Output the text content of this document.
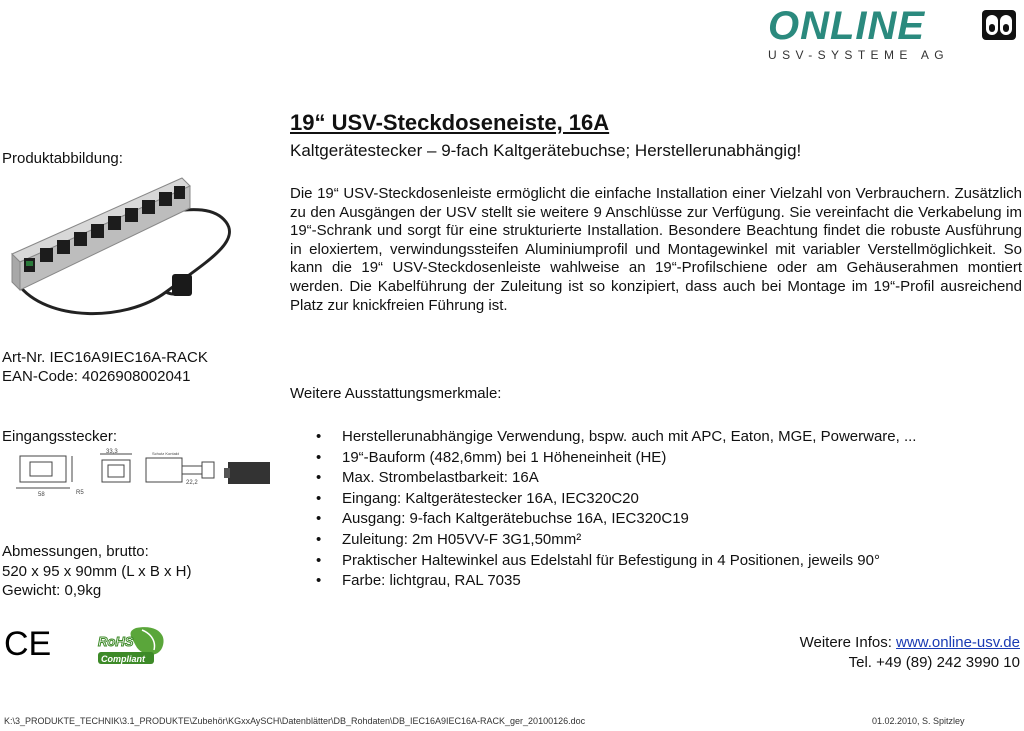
ONLINE
USV-SYSTEME AG
19“ USV-Steckdoseneiste, 16A
Kaltgerätestecker – 9-fach Kaltgerätebuchse; Herstellerunabhängig!
Die 19“ USV-Steckdosenleiste ermöglicht die einfache Installation einer Vielzahl von Verbrauchern. Zusätzlich zu den Ausgängen der USV stellt sie weitere 9 Anschlüsse zur Verfügung. Sie vereinfacht die Verkabelung im 19“-Schrank und sorgt für eine strukturierte Installation. Besondere Beachtung findet die robuste Ausführung in eloxiertem, verwindungssteifen Aluminiumprofil und Montagewinkel mit variabler Verstellmöglichkeit. So kann die 19“ USV-Steckdosenleiste wahlweise an 19“-Profilschiene oder am Gehäuserahmen montiert werden. Die Kabelführung der Zuleitung ist so konzipiert, dass auch bei Montage im 19“-Profil ausreichend Platz zur knickfreien Führung ist.
Weitere Ausstattungsmerkmale:
• Herstellerunabhängige Verwendung, bspw. auch mit APC, Eaton, MGE, Powerware, ...
• 19“-Bauform (482,6mm) bei 1 Höheneinheit (HE)
• Max. Strombelastbarkeit: 16A
• Eingang: Kaltgerätestecker 16A, IEC320C20
• Ausgang: 9-fach Kaltgerätebuchse 16A, IEC320C19
• Zuleitung: 2m H05VV-F 3G1,50mm²
• Praktischer Haltewinkel aus Edelstahl für Befestigung in 4 Positionen, jeweils 90°
• Farbe: lichtgrau, RAL 7035
Produktabbildung:
Art-Nr. IEC16A9IEC16A-RACK
EAN-Code: 4026908002041
Eingangsstecker:
58	R5
33,3	Schutz Kontakt
22,2
Abmessungen, brutto:
520 x 95 x 90mm (L x B x H)
Gewicht: 0,9kg
CE	RoHS
Compliant
Weitere Infos: www.online-usv.de
Tel. +49 (89) 242 3990 10
K:\3_PRODUKTE_TECHNIK\3.1_PRODUKTE\Zubehör\KGxxAySCH\Datenblätter\DB_Rohdaten\DB_IEC16A9IEC16A-RACK_ger_20100126.doc	01.02.2010, S. Spitzley
